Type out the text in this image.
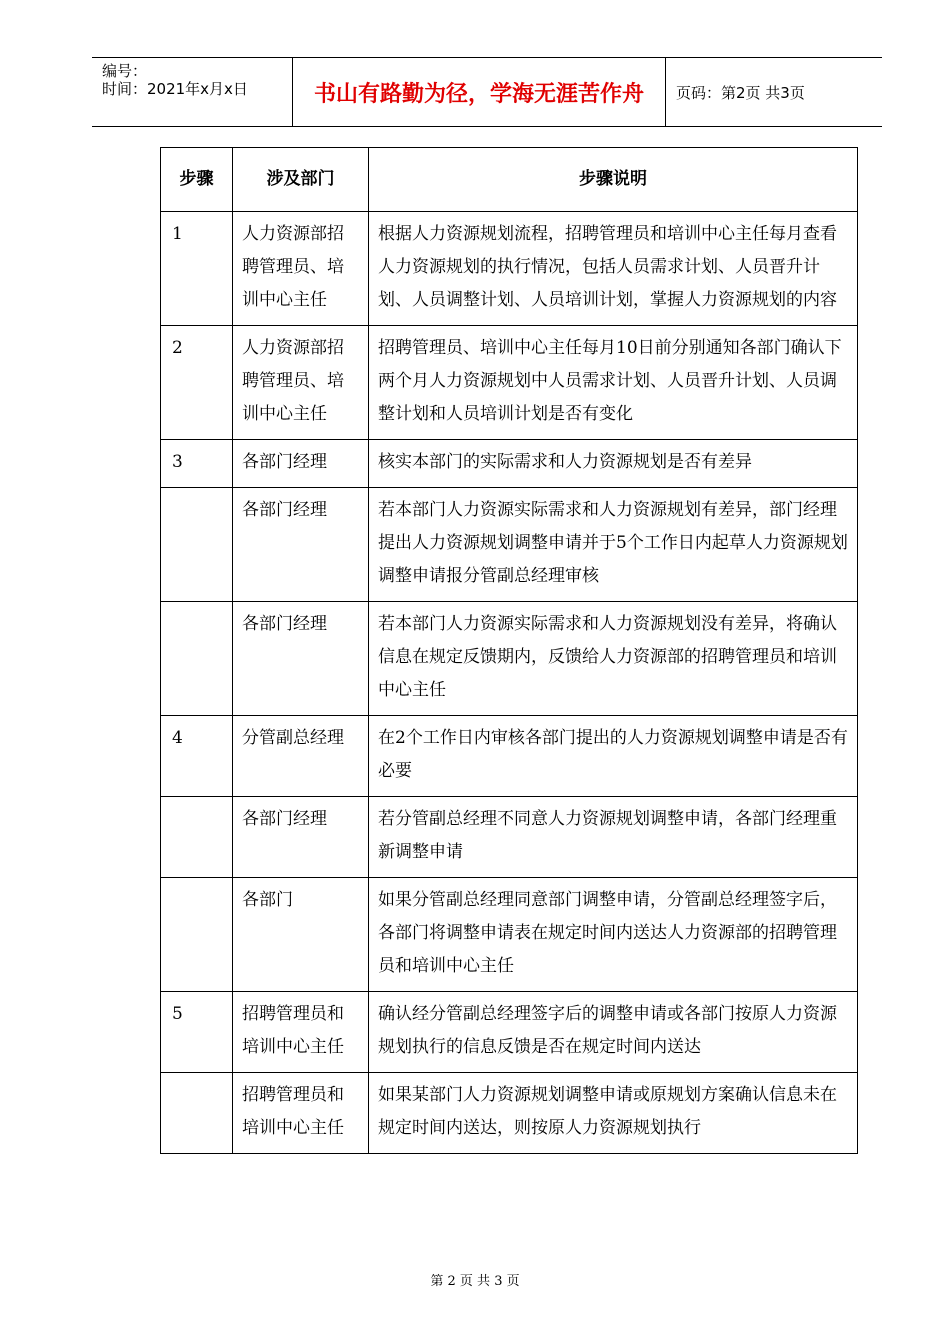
编号：
时间：2021年x月x日	书山有路勤为径，学海无涯苦作舟	页码：第2页 共3页
步骤	涉及部门	步骤说明
1	人力资源部招聘管理员、培训中心主任	根据人力资源规划流程，招聘管理员和培训中心主任每月查看人力资源规划的执行情况，包括人员需求计划、人员晋升计划、人员调整计划、人员培训计划，掌握人力资源规划的内容
2	人力资源部招聘管理员、培训中心主任	招聘管理员、培训中心主任每月10日前分别通知各部门确认下两个月人力资源规划中人员需求计划、人员晋升计划、人员调整计划和人员培训计划是否有变化
3	各部门经理	核实本部门的实际需求和人力资源规划是否有差异
	各部门经理	若本部门人力资源实际需求和人力资源规划有差异，部门经理提出人力资源规划调整申请并于5个工作日内起草人力资源规划调整申请报分管副总经理审核
	各部门经理	若本部门人力资源实际需求和人力资源规划没有差异，将确认信息在规定反馈期内，反馈给人力资源部的招聘管理员和培训中心主任
4	分管副总经理	在2个工作日内审核各部门提出的人力资源规划调整申请是否有必要
	各部门经理	若分管副总经理不同意人力资源规划调整申请，各部门经理重新调整申请
	各部门	如果分管副总经理同意部门调整申请，分管副总经理签字后，各部门将调整申请表在规定时间内送达人力资源部的招聘管理员和培训中心主任
5	招聘管理员和培训中心主任	确认经分管副总经理签字后的调整申请或各部门按原人力资源规划执行的信息反馈是否在规定时间内送达
	招聘管理员和培训中心主任	如果某部门人力资源规划调整申请或原规划方案确认信息未在规定时间内送达，则按原人力资源规划执行
第 2 页 共 3 页
